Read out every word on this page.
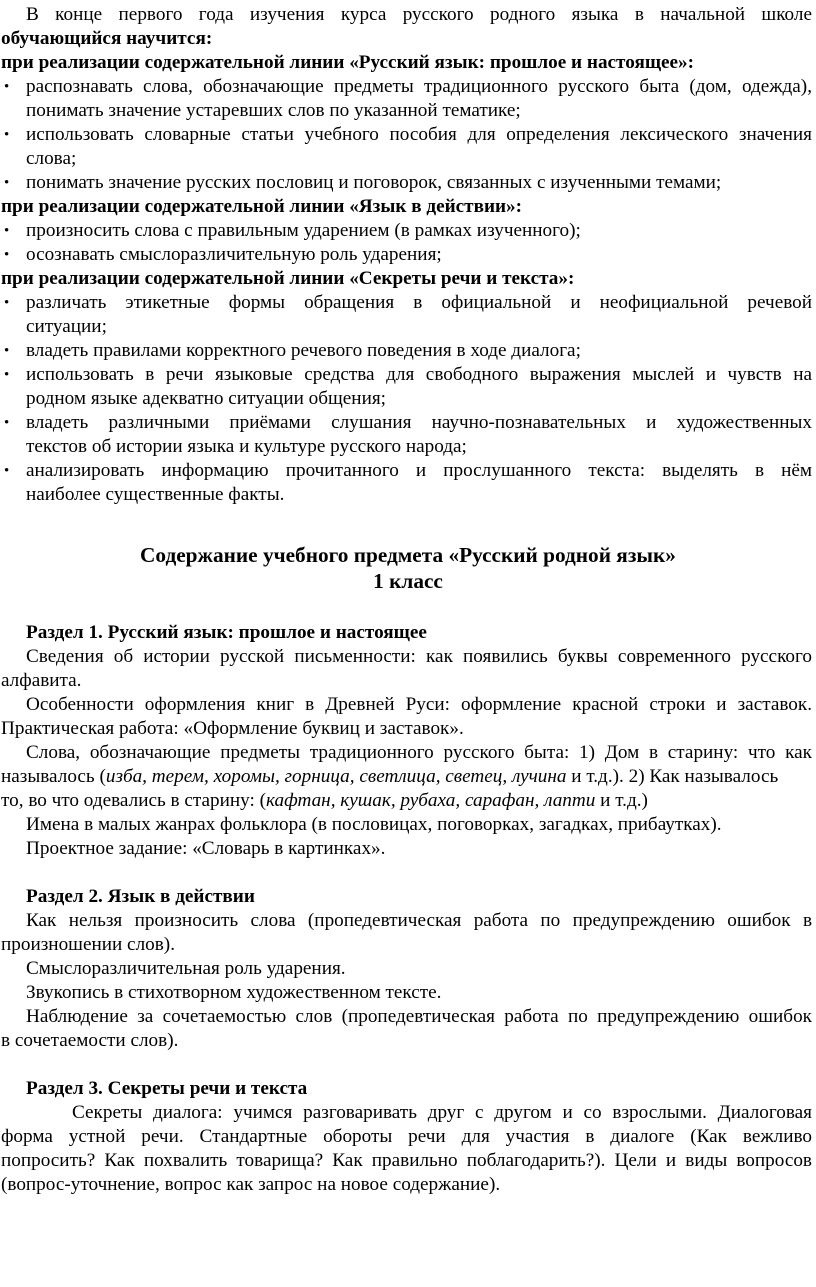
В конце первого года изучения курса русского родного языка в начальной школе
обучающийся научится:
при реализации содержательной линии «Русский язык: прошлое и настоящее»:
• распознавать слова, обозначающие предметы традиционного русского быта (дом, одежда),
понимать значение устаревших слов по указанной тематике;
• использовать словарные статьи учебного пособия для определения лексического значения
слова;
• понимать значение русских пословиц и поговорок, связанных с изученными темами;
при реализации содержательной линии «Язык в действии»:
• произносить слова с правильным ударением (в рамках изученного);
• осознавать смыслоразличительную роль ударения;
при реализации содержательной линии «Секреты речи и текста»:
• различать этикетные формы обращения в официальной и неофициальной речевой
ситуации;
• владеть правилами корректного речевого поведения в ходе диалога;
• использовать в речи языковые средства для свободного выражения мыслей и чувств на
родном языке адекватно ситуации общения;
• владеть различными приёмами слушания научно-познавательных и художественных
текстов об истории языка и культуре русского народа;
• анализировать информацию прочитанного и прослушанного текста: выделять в нём
наиболее существенные факты.
Содержание учебного предмета «Русский родной язык»
1 класс
Раздел 1. Русский язык: прошлое и настоящее
Сведения об истории русской письменности: как появились буквы современного русского
алфавита.
Особенности оформления книг в Древней Руси: оформление красной строки и заставок.
Практическая работа: «Оформление буквиц и заставок».
Слова, обозначающие предметы традиционного русского быта: 1) Дом в старину: что как
называлось (изба, терем, хоромы, горница, светлица, светец, лучина и т.д.). 2) Как называлось
то, во что одевались в старину: (кафтан, кушак, рубаха, сарафан, лапти и т.д.)
Имена в малых жанрах фольклора (в пословицах, поговорках, загадках, прибаутках).
Проектное задание: «Словарь в картинках».
Раздел 2. Язык в действии
Как нельзя произносить слова (пропедевтическая работа по предупреждению ошибок в
произношении слов).
Смыслоразличительная роль ударения.
Звукопись в стихотворном художественном тексте.
Наблюдение за сочетаемостью слов (пропедевтическая работа по предупреждению ошибок
в сочетаемости слов).
Раздел 3. Секреты речи и текста
Секреты диалога: учимся разговаривать друг с другом и со взрослыми. Диалоговая
форма устной речи. Стандартные обороты речи для участия в диалоге (Как вежливо
попросить? Как похвалить товарища? Как правильно поблагодарить?). Цели и виды вопросов
(вопрос-уточнение, вопрос как запрос на новое содержание).
